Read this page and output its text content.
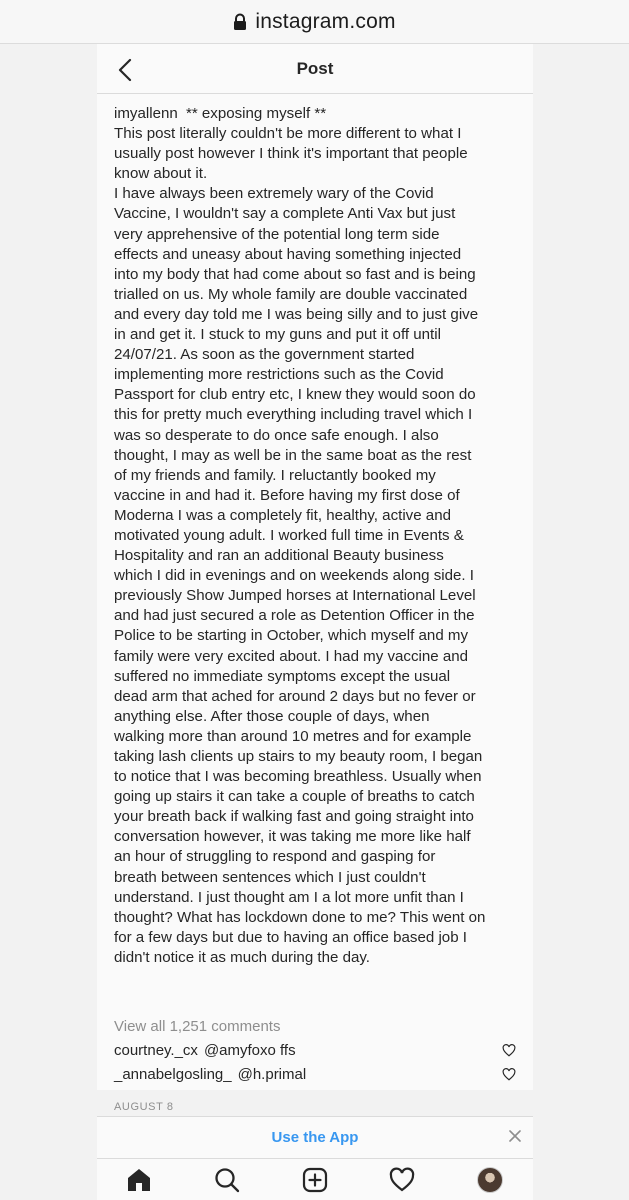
instagram.com
Post
imyallenn ** exposing myself **
This post literally couldn't be more different to what I
usually post however I think it's important that people
know about it.
I have always been extremely wary of the Covid
Vaccine, I wouldn't say a complete Anti Vax but just
very apprehensive of the potential long term side
effects and uneasy about having something injected
into my body that had come about so fast and is being
trialled on us. My whole family are double vaccinated
and every day told me I was being silly and to just give
in and get it. I stuck to my guns and put it off until
24/07/21. As soon as the government started
implementing more restrictions such as the Covid
Passport for club entry etc, I knew they would soon do
this for pretty much everything including travel which I
was so desperate to do once safe enough. I also
thought, I may as well be in the same boat as the rest
of my friends and family. I reluctantly booked my
vaccine in and had it. Before having my first dose of
Moderna I was a completely fit, healthy, active and
motivated young adult. I worked full time in Events &
Hospitality and ran an additional Beauty business
which I did in evenings and on weekends along side. I
previously Show Jumped horses at International Level
and had just secured a role as Detention Officer in the
Police to be starting in October, which myself and my
family were very excited about. I had my vaccine and
suffered no immediate symptoms except the usual
dead arm that ached for around 2 days but no fever or
anything else. After those couple of days, when
walking more than around 10 metres and for example
taking lash clients up stairs to my beauty room, I began
to notice that I was becoming breathless. Usually when
going up stairs it can take a couple of breaths to catch
your breath back if walking fast and going straight into
conversation however, it was taking me more like half
an hour of struggling to respond and gasping for
breath between sentences which I just couldn't
understand. I just thought am I a lot more unfit than I
thought? What has lockdown done to me? This went on
for a few days but due to having an office based job I
didn't notice it as much during the day.
View all 1,251 comments
courtney._cx @amyfoxo ffs
_annabelgosling_ @h.primal
AUGUST 8
Use the App
